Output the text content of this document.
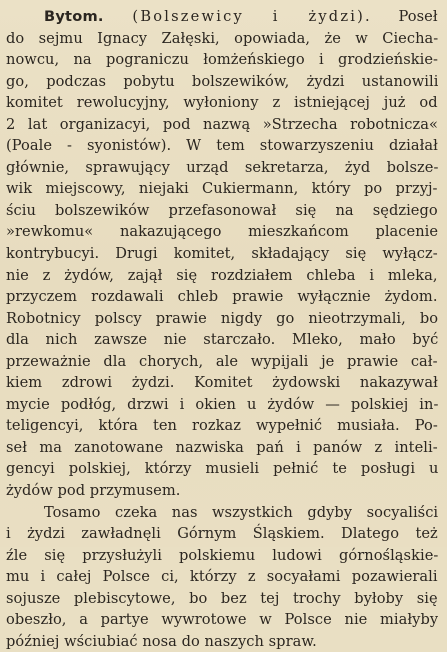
Bytom. (Bolszewicy i żydzi). Poseł
do sejmu Ignacy Załęski, opowiada, że w Ciecha-
nowcu, na pograniczu łomżeńskiego i grodzieńskie-
go, podczas pobytu bolszewików, żydzi ustanowili
komitet rewolucyjny, wyłoniony z istniejącej już od
2 lat organizacyi, pod nazwą »Strzecha robotnicza«
(Poale - syonistów). W tem stowarzyszeniu działał
głównie, sprawujący urząd sekretarza, żyd bolsze-
wik miejscowy, niejaki Cukiermann, który po przyj-
ściu bolszewików przefasonował się na sędziego
»rewkomu« nakazującego mieszkańcom placenie
kontrybucyi. Drugi komitet, składający się wyłącz-
nie z żydów, zajął się rozdziałem chleba i mleka,
przyczem rozdawali chleb prawie wyłącznie żydom.
Robotnicy polscy prawie nigdy go nieotrzymali, bo
dla nich zawsze nie starczało. Mleko, mało być
przeważnie dla chorych, ale wypijali je prawie cał-
kiem zdrowi żydzi. Komitet żydowski nakazywał
mycie podłóg, drzwi i okien u żydów — polskiej in-
teligencyi, która ten rozkaz wypełnić musiała. Po-
seł ma zanotowane nazwiska pań i panów z inteli-
gencyi polskiej, którzy musieli pełnić te posługi u
żydów pod przymusem.
Tosamo czeka nas wszystkich gdyby socyaliści
i żydzi zawładnęli Górnym Śląskiem. Dlatego też
źle się przysłużyli polskiemu ludowi górnośląskie-
mu i całej Polsce ci, którzy z socyałami pozawierali
sojusze plebiscytowe, bo bez tej trochy byłoby się
obeszło, a partye wywrotowe w Polsce nie miałyby
później wściubiać nosa do naszych spraw.
